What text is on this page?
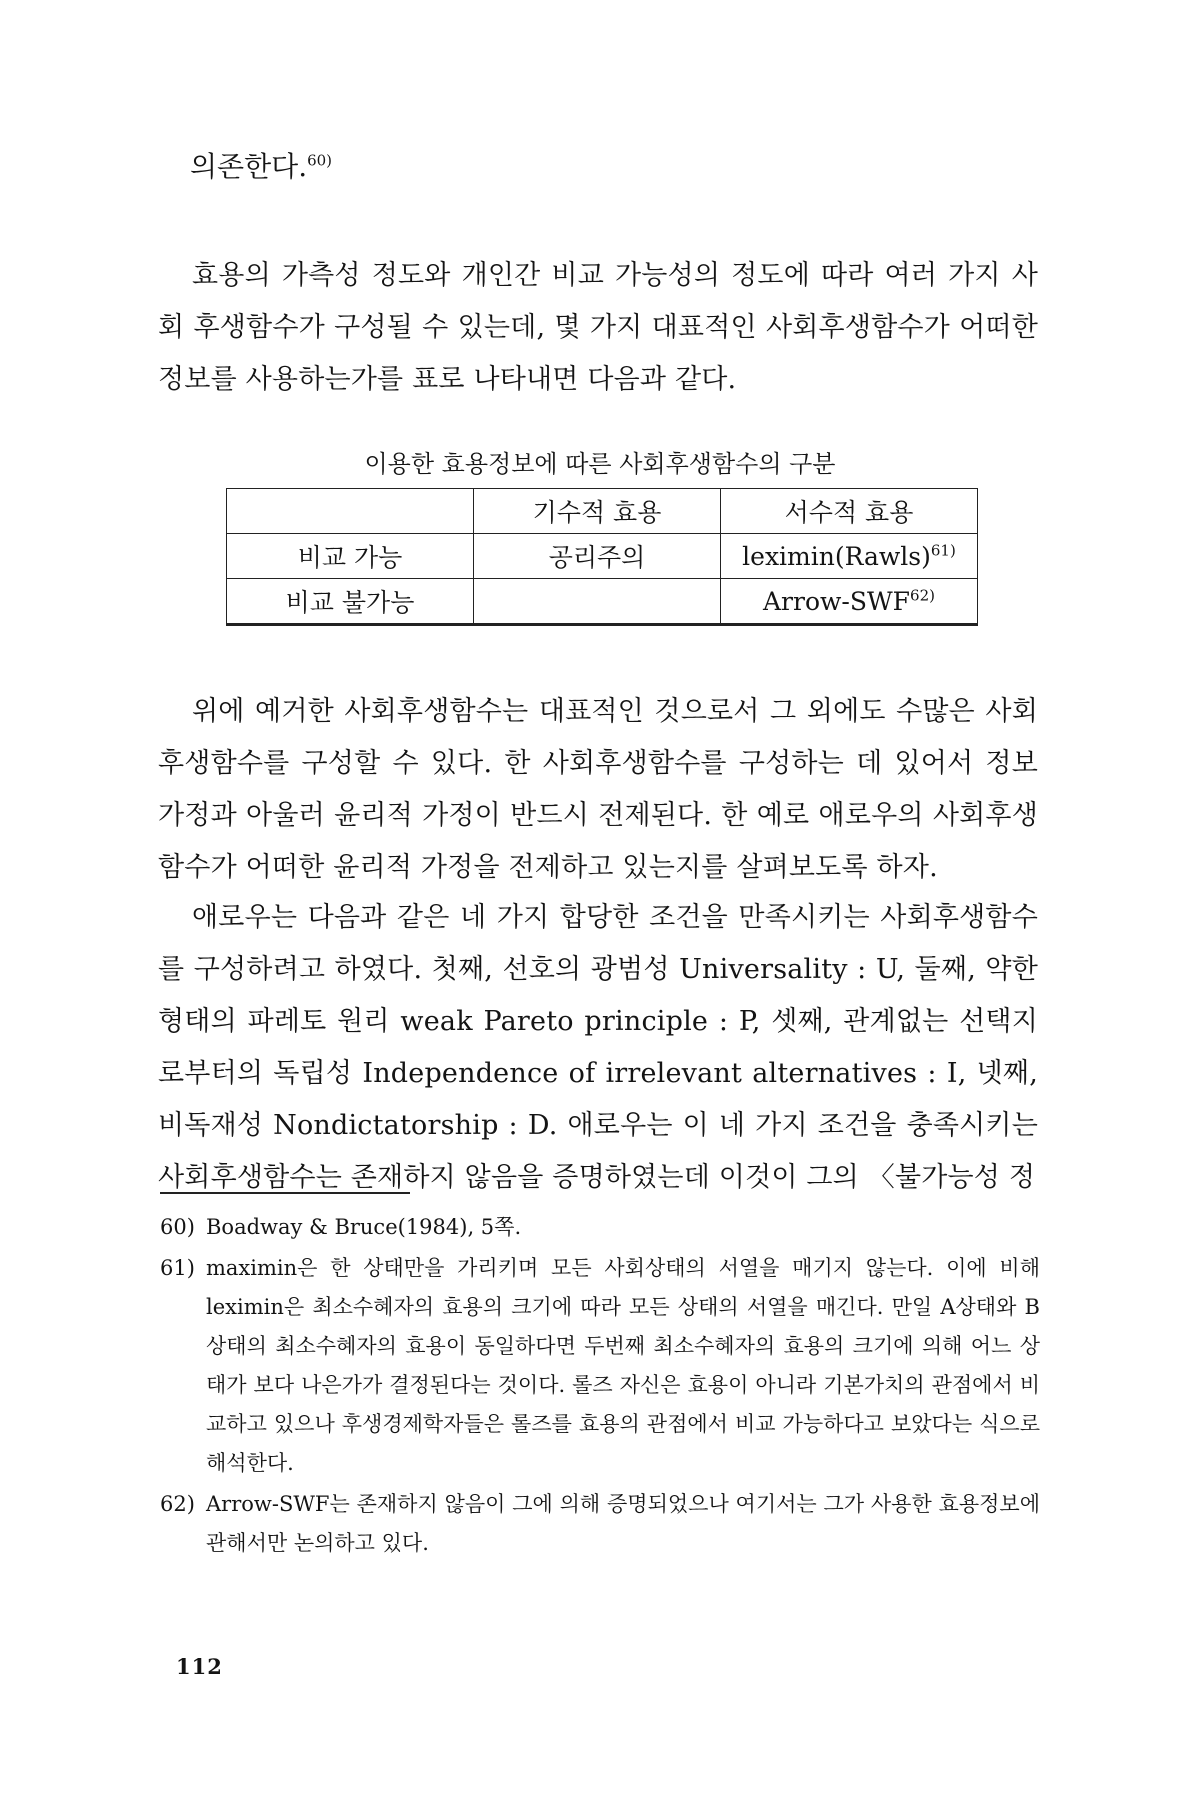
의존한다.$^{60)}$
효용의 가측성 정도와 개인간 비교 가능성의 정도에 따라 여러 가지 사회 후생함수가 구성될 수 있는데, 몇 가지 대표적인 사회후생함수가 어떠한 정보를 사용하는가를 표로 나타내면 다음과 같다.
이용한 효용정보에 따른 사회후생함수의 구분
	기수적 효용	서수적 효용
비교 가능	공리주의	leximin(Rawls)$^{61)}$
비교 불가능		Arrow-SWF$^{62)}$
위에 예거한 사회후생함수는 대표적인 것으로서 그 외에도 수많은 사회후생함수를 구성할 수 있다. 한 사회후생함수를 구성하는 데 있어서 정보 가정과 아울러 윤리적 가정이 반드시 전제된다. 한 예로 애로우의 사회후생함수가 어떠한 윤리적 가정을 전제하고 있는지를 살펴보도록 하자.
애로우는 다음과 같은 네 가지 합당한 조건을 만족시키는 사회후생함수를 구성하려고 하였다. 첫째, 선호의 광범성 Universality : U, 둘째, 약한 형태의 파레토 원리 weak Pareto principle : P, 셋째, 관계없는 선택지로부터의 독립성 Independence of irrelevant alternatives : I, 넷째, 비독재성 Nondictatorship : D. 애로우는 이 네 가지 조건을 충족시키는 사회후생함수는 존재하지 않음을 증명하였는데 이것이 그의 〈불가능성 정
60) Boadway & Bruce(1984), 5쪽.
61) maximin은 한 상태만을 가리키며 모든 사회상태의 서열을 매기지 않는다. 이에 비해 leximin은 최소수혜자의 효용의 크기에 따라 모든 상태의 서열을 매긴다. 만일 A상태와 B상태의 최소수혜자의 효용이 동일하다면 두번째 최소수혜자의 효용의 크기에 의해 어느 상태가 보다 나은가가 결정된다는 것이다. 롤즈 자신은 효용이 아니라 기본가치의 관점에서 비교하고 있으나 후생경제학자들은 롤즈를 효용의 관점에서 비교 가능하다고 보았다는 식으로 해석한다.
62) Arrow-SWF는 존재하지 않음이 그에 의해 증명되었으나 여기서는 그가 사용한 효용정보에 관해서만 논의하고 있다.
112
